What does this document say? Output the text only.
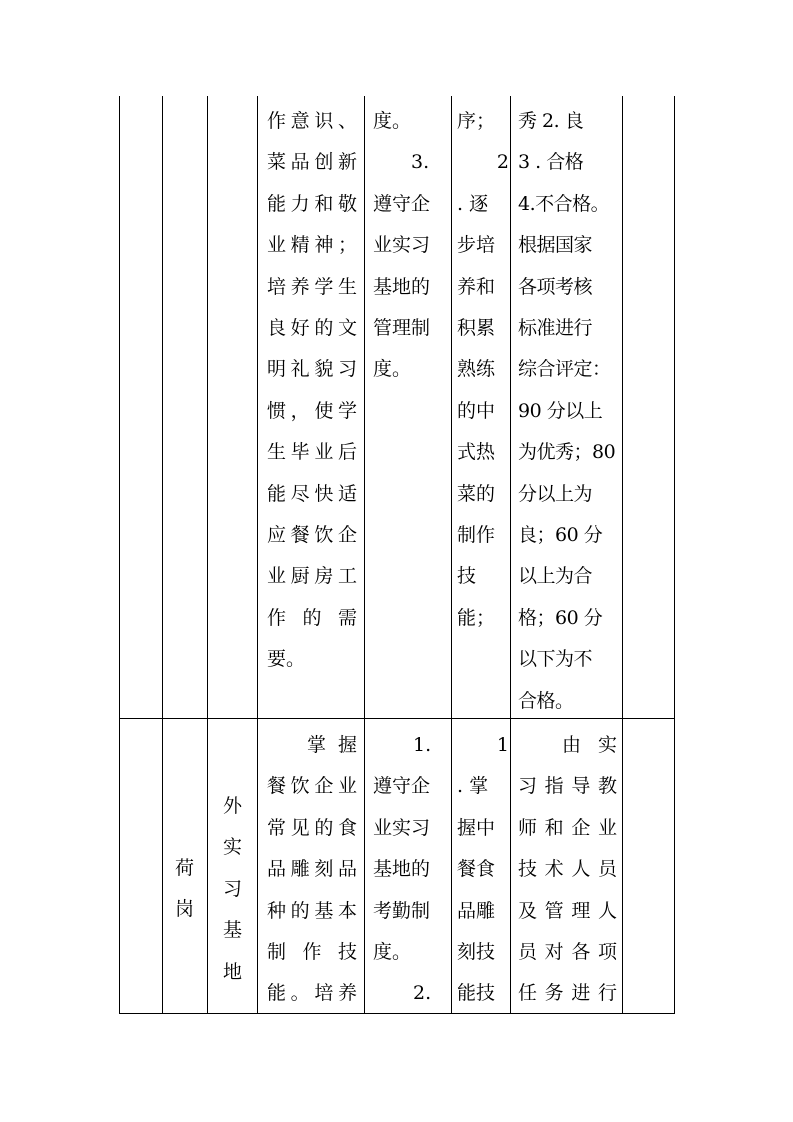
作意识、
菜品创新
能力和敬
业精神；
培养学生
良好的文
明礼貌习
惯，使学
生毕业后
能尽快适
应餐饮企
业厨房工
作 的 需
要。
度。
3.
遵守企
业实习
基地的
管理制
度。
序；
2
. 逐
步培
养和
积累
熟练
的中
式热
菜的
制作
技
能；
秀 2. 良
3 . 合格
4.不合格。
根据国家
各项考核
标准进行
综合评定：
90 分以上
为优秀；80
分以上为
良；60 分
以上为合
格；60 分
以下为不
合格。
荷
岗
外
实
习
基
地
掌握
餐饮企业
常见的食
品雕刻品
种的基本
制 作 技
能。培养
1.
遵守企
业实习
基地的
考勤制
度。
2.
1
. 掌
握中
餐食
品雕
刻技
能技
由实
习指导教
师和企业
技术人员
及管理人
员对各项
任务进行
